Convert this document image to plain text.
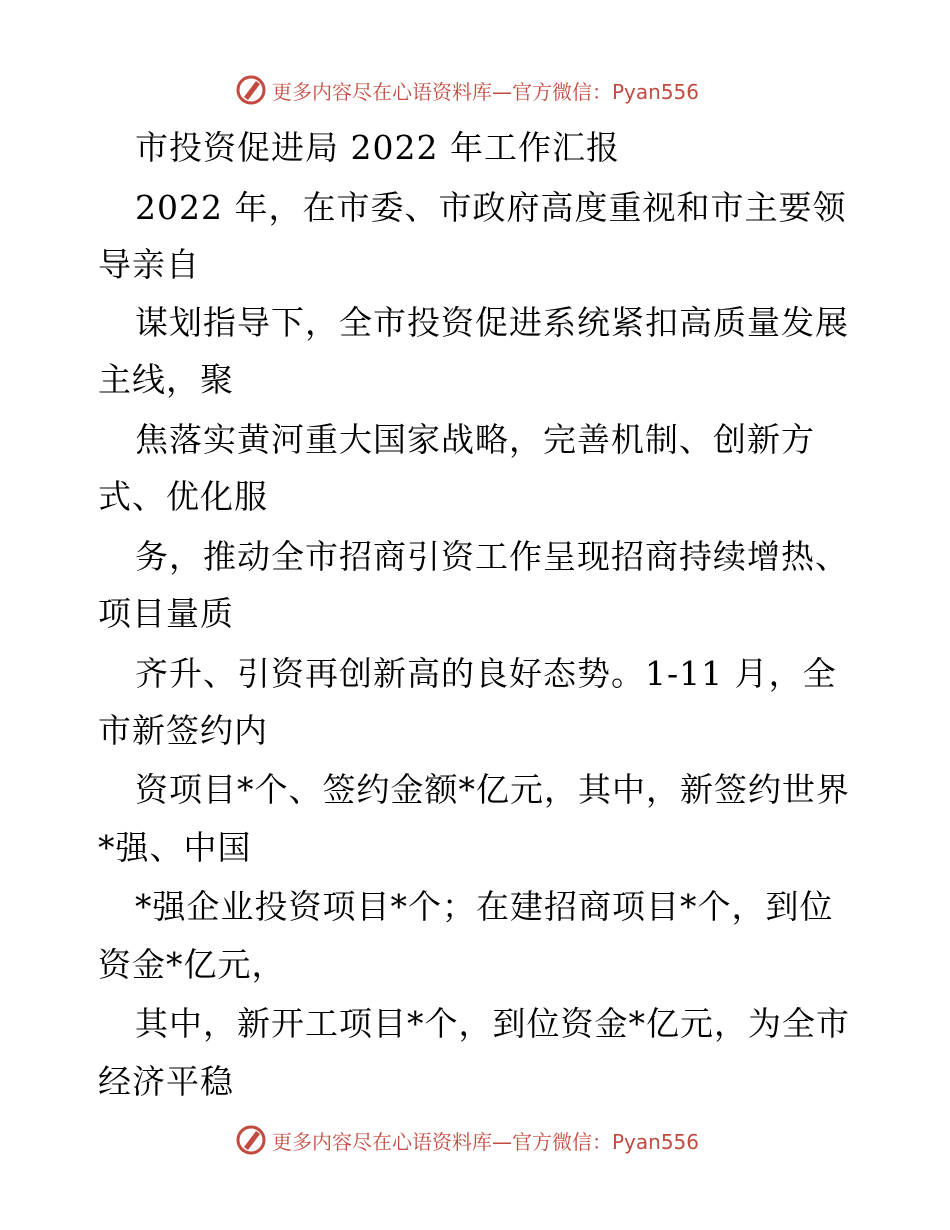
更多内容尽在心语资料库—官方微信：Pyan556
市投资促进局 2022 年工作汇报
2022 年，在市委、市政府高度重视和市主要领
导亲自
谋划指导下，全市投资促进系统紧扣高质量发展
主线，聚
焦落实黄河重大国家战略，完善机制、创新方
式、优化服
务，推动全市招商引资工作呈现招商持续增热、
项目量质
齐升、引资再创新高的良好态势。1-11 月，全
市新签约内
资项目*个、签约金额*亿元，其中，新签约世界
*强、中国
*强企业投资项目*个；在建招商项目*个，到位
资金*亿元，
其中，新开工项目*个，到位资金*亿元，为全市
经济平稳
更多内容尽在心语资料库—官方微信：Pyan556
